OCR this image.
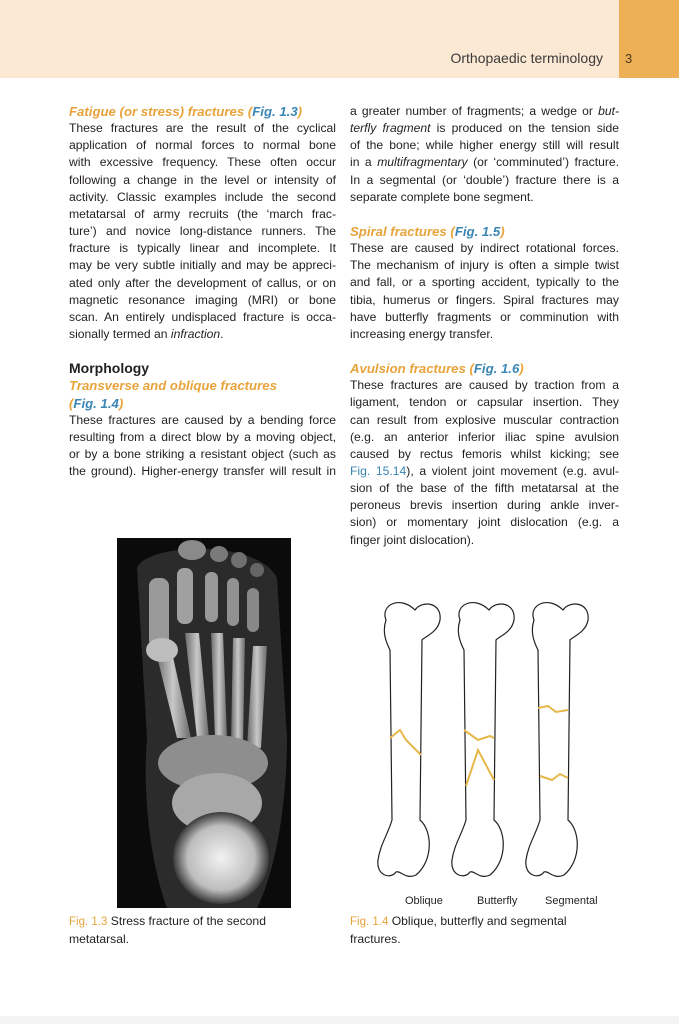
Orthopaedic terminology 3
Fatigue (or stress) fractures (Fig. 1.3)
These fractures are the result of the cyclical
application of normal forces to normal bone
with excessive frequency. These often occur
following a change in the level or intensity of
activity. Classic examples include the second
metatarsal of army recruits (the ‘march frac-
ture’) and novice long-distance runners. The
fracture is typically linear and incomplete. It
may be very subtle initially and may be appreci-
ated only after the development of callus, or on
magnetic resonance imaging (MRI) or bone
scan. An entirely undisplaced fracture is occa-
sionally termed an infraction.
Morphology
Transverse and oblique fractures
(Fig. 1.4)
These fractures are caused by a bending force
resulting from a direct blow by a moving object,
or by a bone striking a resistant object (such as
the ground). Higher-energy transfer will result in
a greater number of fragments; a wedge or but-
terfly fragment is produced on the tension side
of the bone; while higher energy still will result
in a multifragmentary (or ‘comminuted’) fracture.
In a segmental (or ‘double’) fracture there is a
separate complete bone segment.
Spiral fractures (Fig. 1.5)
These are caused by indirect rotational forces.
The mechanism of injury is often a simple twist
and fall, or a sporting accident, typically to the
tibia, humerus or fingers. Spiral fractures may
have butterfly fragments or comminution with
increasing energy transfer.
Avulsion fractures (Fig. 1.6)
These fractures are caused by traction from a
ligament, tendon or capsular insertion. They
can result from explosive muscular contraction
(e.g. an anterior inferior iliac spine avulsion
caused by rectus femoris whilst kicking; see
Fig. 15.14), a violent joint movement (e.g. avul-
sion of the base of the fifth metatarsal at the
peroneus brevis insertion during ankle inver-
sion) or momentary joint dislocation (e.g. a
finger joint dislocation).
Oblique	Butterfly	Segmental
Fig. 1.3 Stress fracture of the second
metatarsal.
Fig. 1.4 Oblique, butterfly and segmental
fractures.
